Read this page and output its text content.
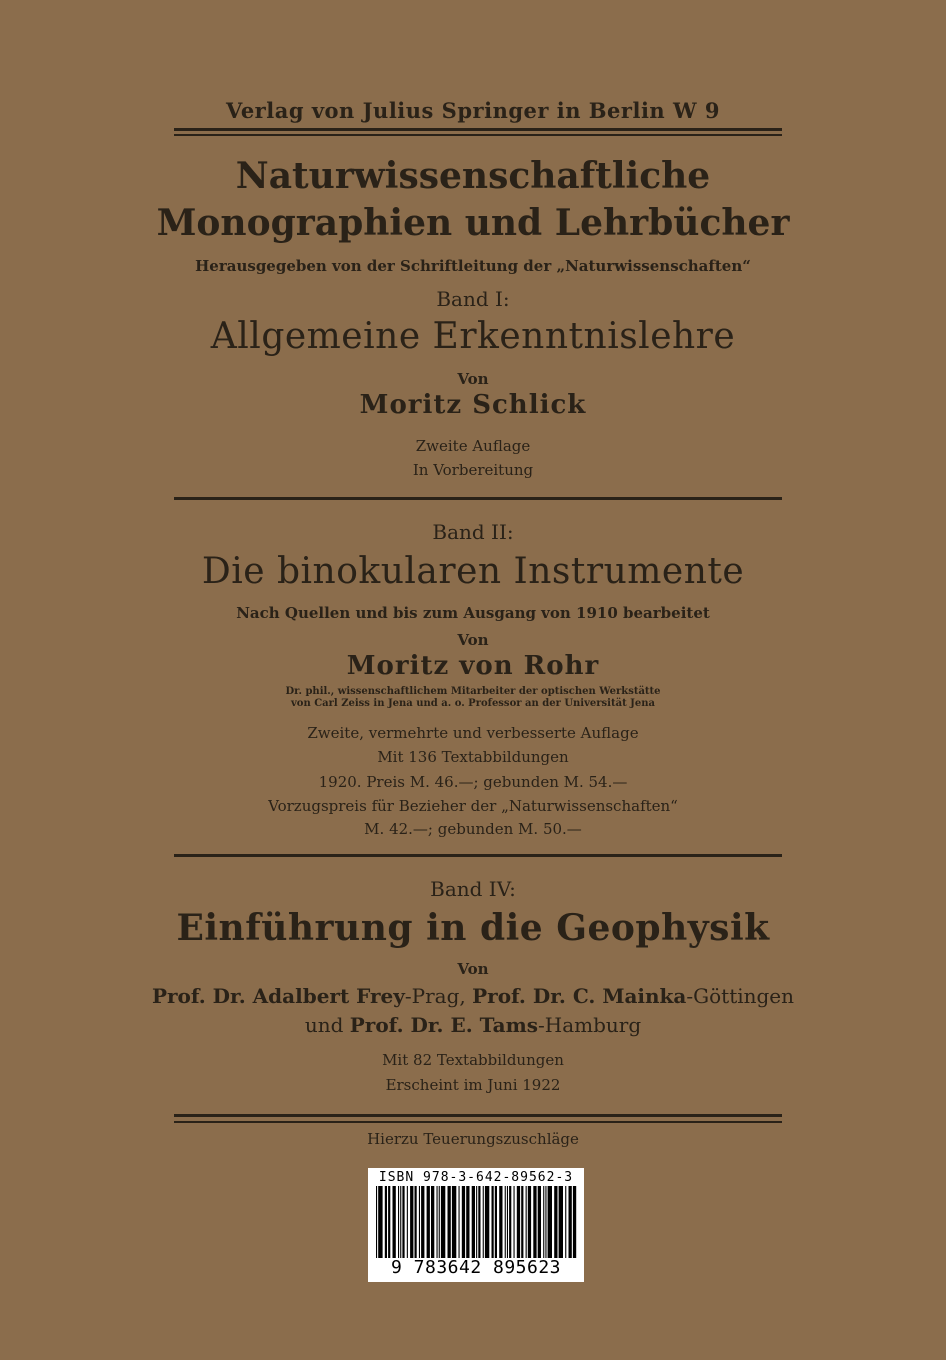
Verlag von Julius Springer in Berlin W 9
Naturwissenschaftliche
Monographien und Lehrbücher
Herausgegeben von der Schriftleitung der „Naturwissenschaften“
Band I:
Allgemeine Erkenntnislehre
Von
Moritz Schlick
Zweite Auflage
In Vorbereitung
Band II:
Die binokularen Instrumente
Nach Quellen und bis zum Ausgang von 1910 bearbeitet
Von
Moritz von Rohr
Dr. phil., wissenschaftlichem Mitarbeiter der optischen Werkstätte
von Carl Zeiss in Jena und a. o. Professor an der Universität Jena
Zweite, vermehrte und verbesserte Auflage
Mit 136 Textabbildungen
1920. Preis M. 46.—; gebunden M. 54.—
Vorzugspreis für Bezieher der „Naturwissenschaften“
M. 42.—; gebunden M. 50.—
Band IV:
Einführung in die Geophysik
Von
Prof. Dr. Adalbert Frey-Prag, Prof. Dr. C. Mainka-Göttingen
und Prof. Dr. E. Tams-Hamburg
Mit 82 Textabbildungen
Erscheint im Juni 1922
Hierzu Teuerungszuschläge
ISBN 978-3-642-89562-3
9 783642 895623
